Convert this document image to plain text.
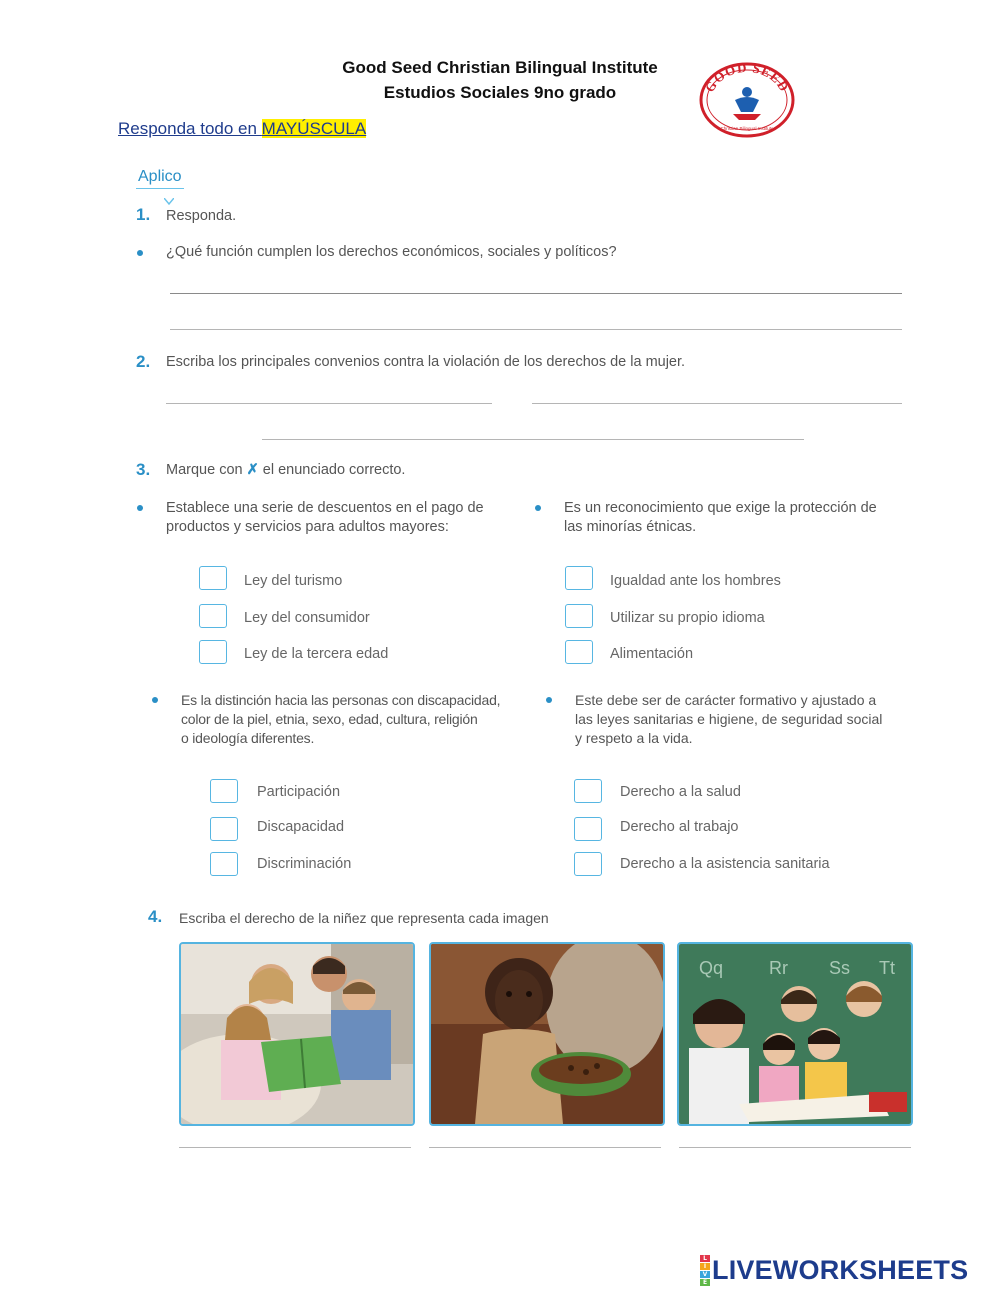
Good Seed Christian Bilingual Institute
Estudios Sociales 9no grado
Responda todo en MAYÚSCULA
GOOD SEED
Christian Bilingual Institute
Aplico
1. Responda.
¿Qué función cumplen los derechos económicos, sociales y políticos?
2. Escriba los principales convenios contra la violación de los derechos de la mujer.
3. Marque con ✗ el enunciado correcto.
Establece una serie de descuentos en el pago de
productos y servicios para adultos mayores:
Ley del turismo
Ley del consumidor
Ley de la tercera edad
Es un reconocimiento que exige la protección de
las minorías étnicas.
Igualdad ante los hombres
Utilizar su propio idioma
Alimentación
Es la distinción hacia las personas con discapacidad,
color de la piel, etnia, sexo, edad, cultura, religión
o ideología diferentes.
Participación
Discapacidad
Discriminación
Este debe ser de carácter formativo y ajustado a
las leyes sanitarias e higiene, de seguridad social
y respeto a la vida.
Derecho a la salud
Derecho al trabajo
Derecho a la asistencia sanitaria
4. Escriba el derecho de la niñez que representa cada imagen
Qq	Rr Ss Tt
L
I
V
E LIVEWORKSHEETS
